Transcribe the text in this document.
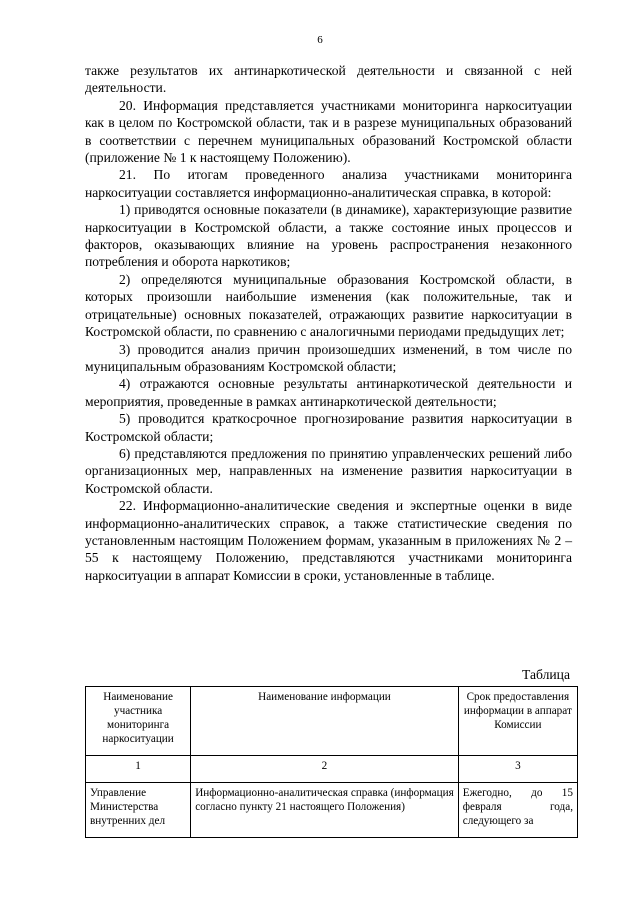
6

также результатов их антинаркотической деятельности и связанной с ней деятельности.

20. Информация представляется участниками мониторинга наркоситуации как в целом по Костромской области, так и в разрезе муниципальных образований в соответствии с перечнем муниципальных образований Костромской области (приложение № 1 к настоящему Положению).

21. По итогам проведенного анализа участниками мониторинга наркоситуации составляется информационно-аналитическая справка, в которой:

1) приводятся основные показатели (в динамике), характеризующие развитие наркоситуации в Костромской области, а также состояние иных процессов и факторов, оказывающих влияние на уровень распространения незаконного потребления и оборота наркотиков;

2) определяются муниципальные образования Костромской области, в которых произошли наибольшие изменения (как положительные, так и отрицательные) основных показателей, отражающих развитие наркоситуации в Костромской области, по сравнению с аналогичными периодами предыдущих лет;

3) проводится анализ причин произошедших изменений, в том числе по муниципальным образованиям Костромской области;

4) отражаются основные результаты антинаркотической деятельности и мероприятия, проведенные в рамках антинаркотической деятельности;

5) проводится краткосрочное прогнозирование развития наркоситуации в Костромской области;

6) представляются предложения по принятию управленческих решений либо организационных мер, направленных на изменение развития наркоситуации в Костромской области.

22. Информационно-аналитические сведения и экспертные оценки в виде информационно-аналитических справок, а также статистические сведения по установленным настоящим Положением формам, указанным в приложениях № 2 – 55 к настоящему Положению, представляются участниками мониторинга наркоситуации в аппарат Комиссии в сроки, установленные в таблице.

Таблица
Наименование участника мониторинга наркоситуации	Наименование информации	Срок предоставления информации в аппарат Комиссии
1	2	3
Управление Министерства внутренних дел	Информационно-аналитическая справка (информация согласно пункту 21 настоящего Положения)	Ежегодно, до 15 февраля года, следующего за
